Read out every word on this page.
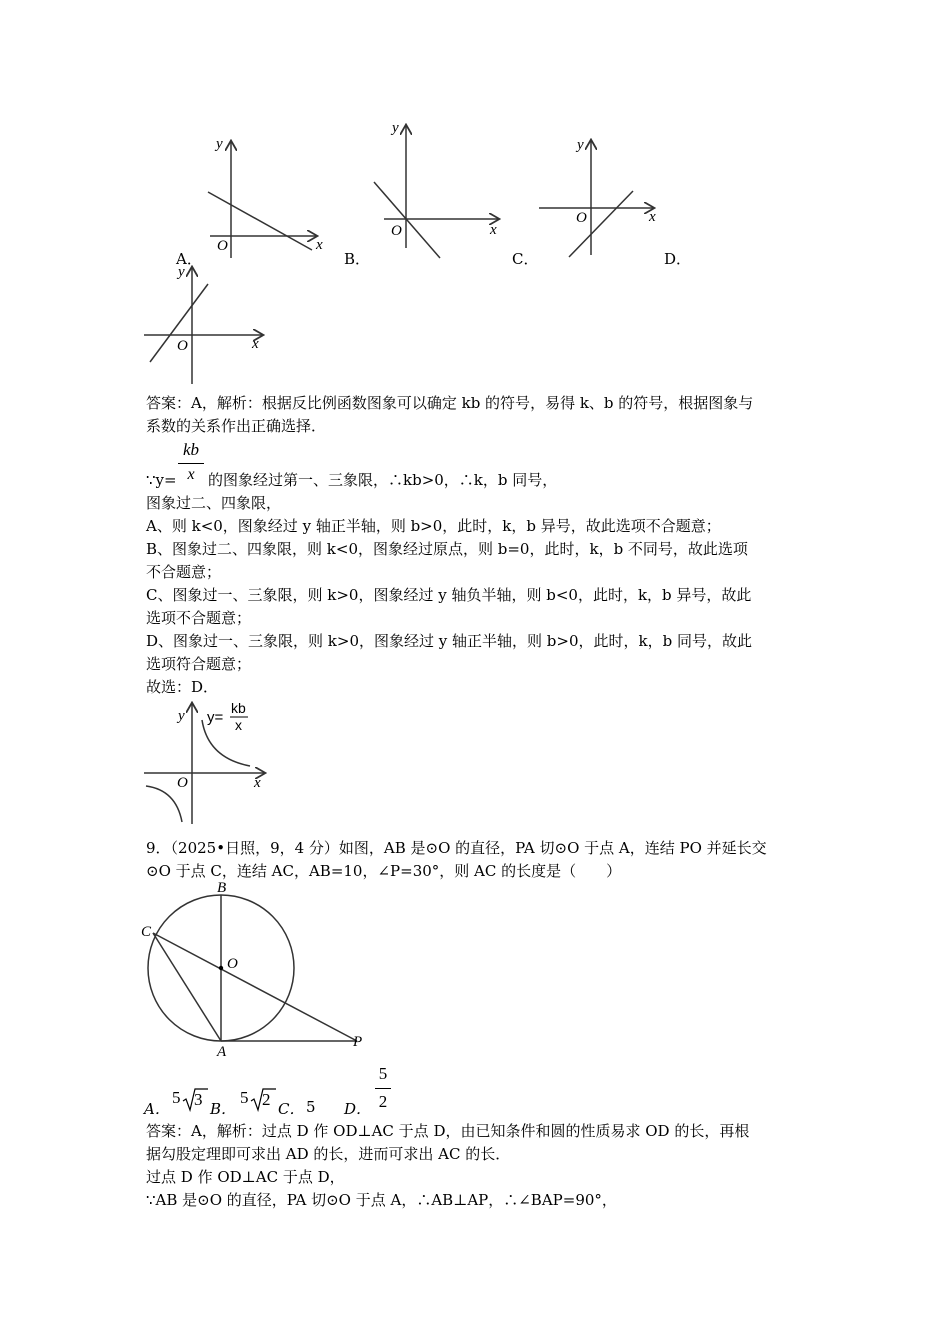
y
x
O
y
x
O
y
x
O
y
x
O
A．	B．	C．	D．
答案：A，解析：根据反比例函数图象可以确定 kb 的符号，易得 k、b 的符号，根据图象与
系数的关系作出正确选择．
kb
x
∵y= 的图象经过第一、三象限，∴kb>0，∴k，b 同号，
图象过二、四象限，
A、则 k<0，图象经过 y 轴正半轴，则 b>0，此时，k，b 异号，故此选项不合题意；
B、图象过二、四象限，则 k<0，图象经过原点，则 b=0，此时，k，b 不同号，故此选项
不合题意；
C、图象过一、三象限，则 k>0，图象经过 y 轴负半轴，则 b<0，此时，k，b 异号，故此
选项不合题意；
D、图象过一、三象限，则 k>0，图象经过 y 轴正半轴，则 b>0，此时，k，b 同号，故此
选项符合题意；
故选：D．
y
x
O
y=
kb
x
9．（2025•日照，9，4 分）如图，AB 是⊙O 的直径，PA 切⊙O 于点 A，连结 PO 并延长交
⊙O 于点 C，连结 AC，AB=10，∠P=30°，则 AC 的长度是（　　）
B
C
O
A
P
A．
5 3 B．
5 2 C． 5 D．
5
2
答案：A，解析：过点 D 作 OD⊥AC 于点 D，由已知条件和圆的性质易求 OD 的长，再根
据勾股定理即可求出 AD 的长，进而可求出 AC 的长．
过点 D 作 OD⊥AC 于点 D，
∵AB 是⊙O 的直径，PA 切⊙O 于点 A，∴AB⊥AP，∴∠BAP=90°，
